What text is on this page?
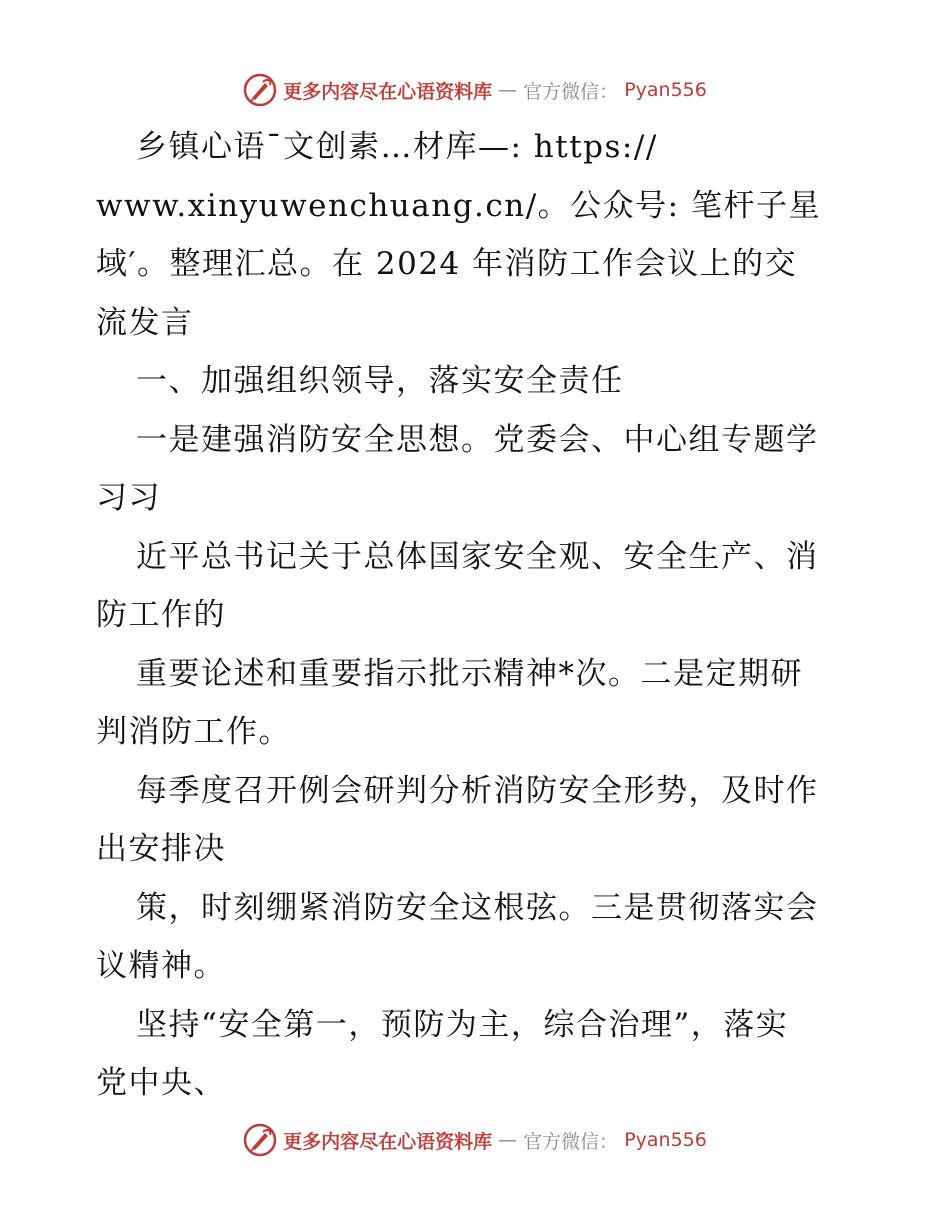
更多内容尽在心语资料库 — 官方微信： Pyan556
乡镇心语¯文创素…材库—: https://
www.xinyuwenchuang.cn/。公众号: 笔杆子星
域′。整理汇总。在 2024 年消防工作会议上的交
流发言
一、加强组织领导，落实安全责任
一是建强消防安全思想。党委会、中心组专题学
习习
近平总书记关于总体国家安全观、安全生产、消
防工作的
重要论述和重要指示批示精神*次。二是定期研
判消防工作。
每季度召开例会研判分析消防安全形势，及时作
出安排决
策，时刻绷紧消防安全这根弦。三是贯彻落实会
议精神。
坚持“安全第一，预防为主，综合治理”，落实
党中央、
更多内容尽在心语资料库 — 官方微信： Pyan556
